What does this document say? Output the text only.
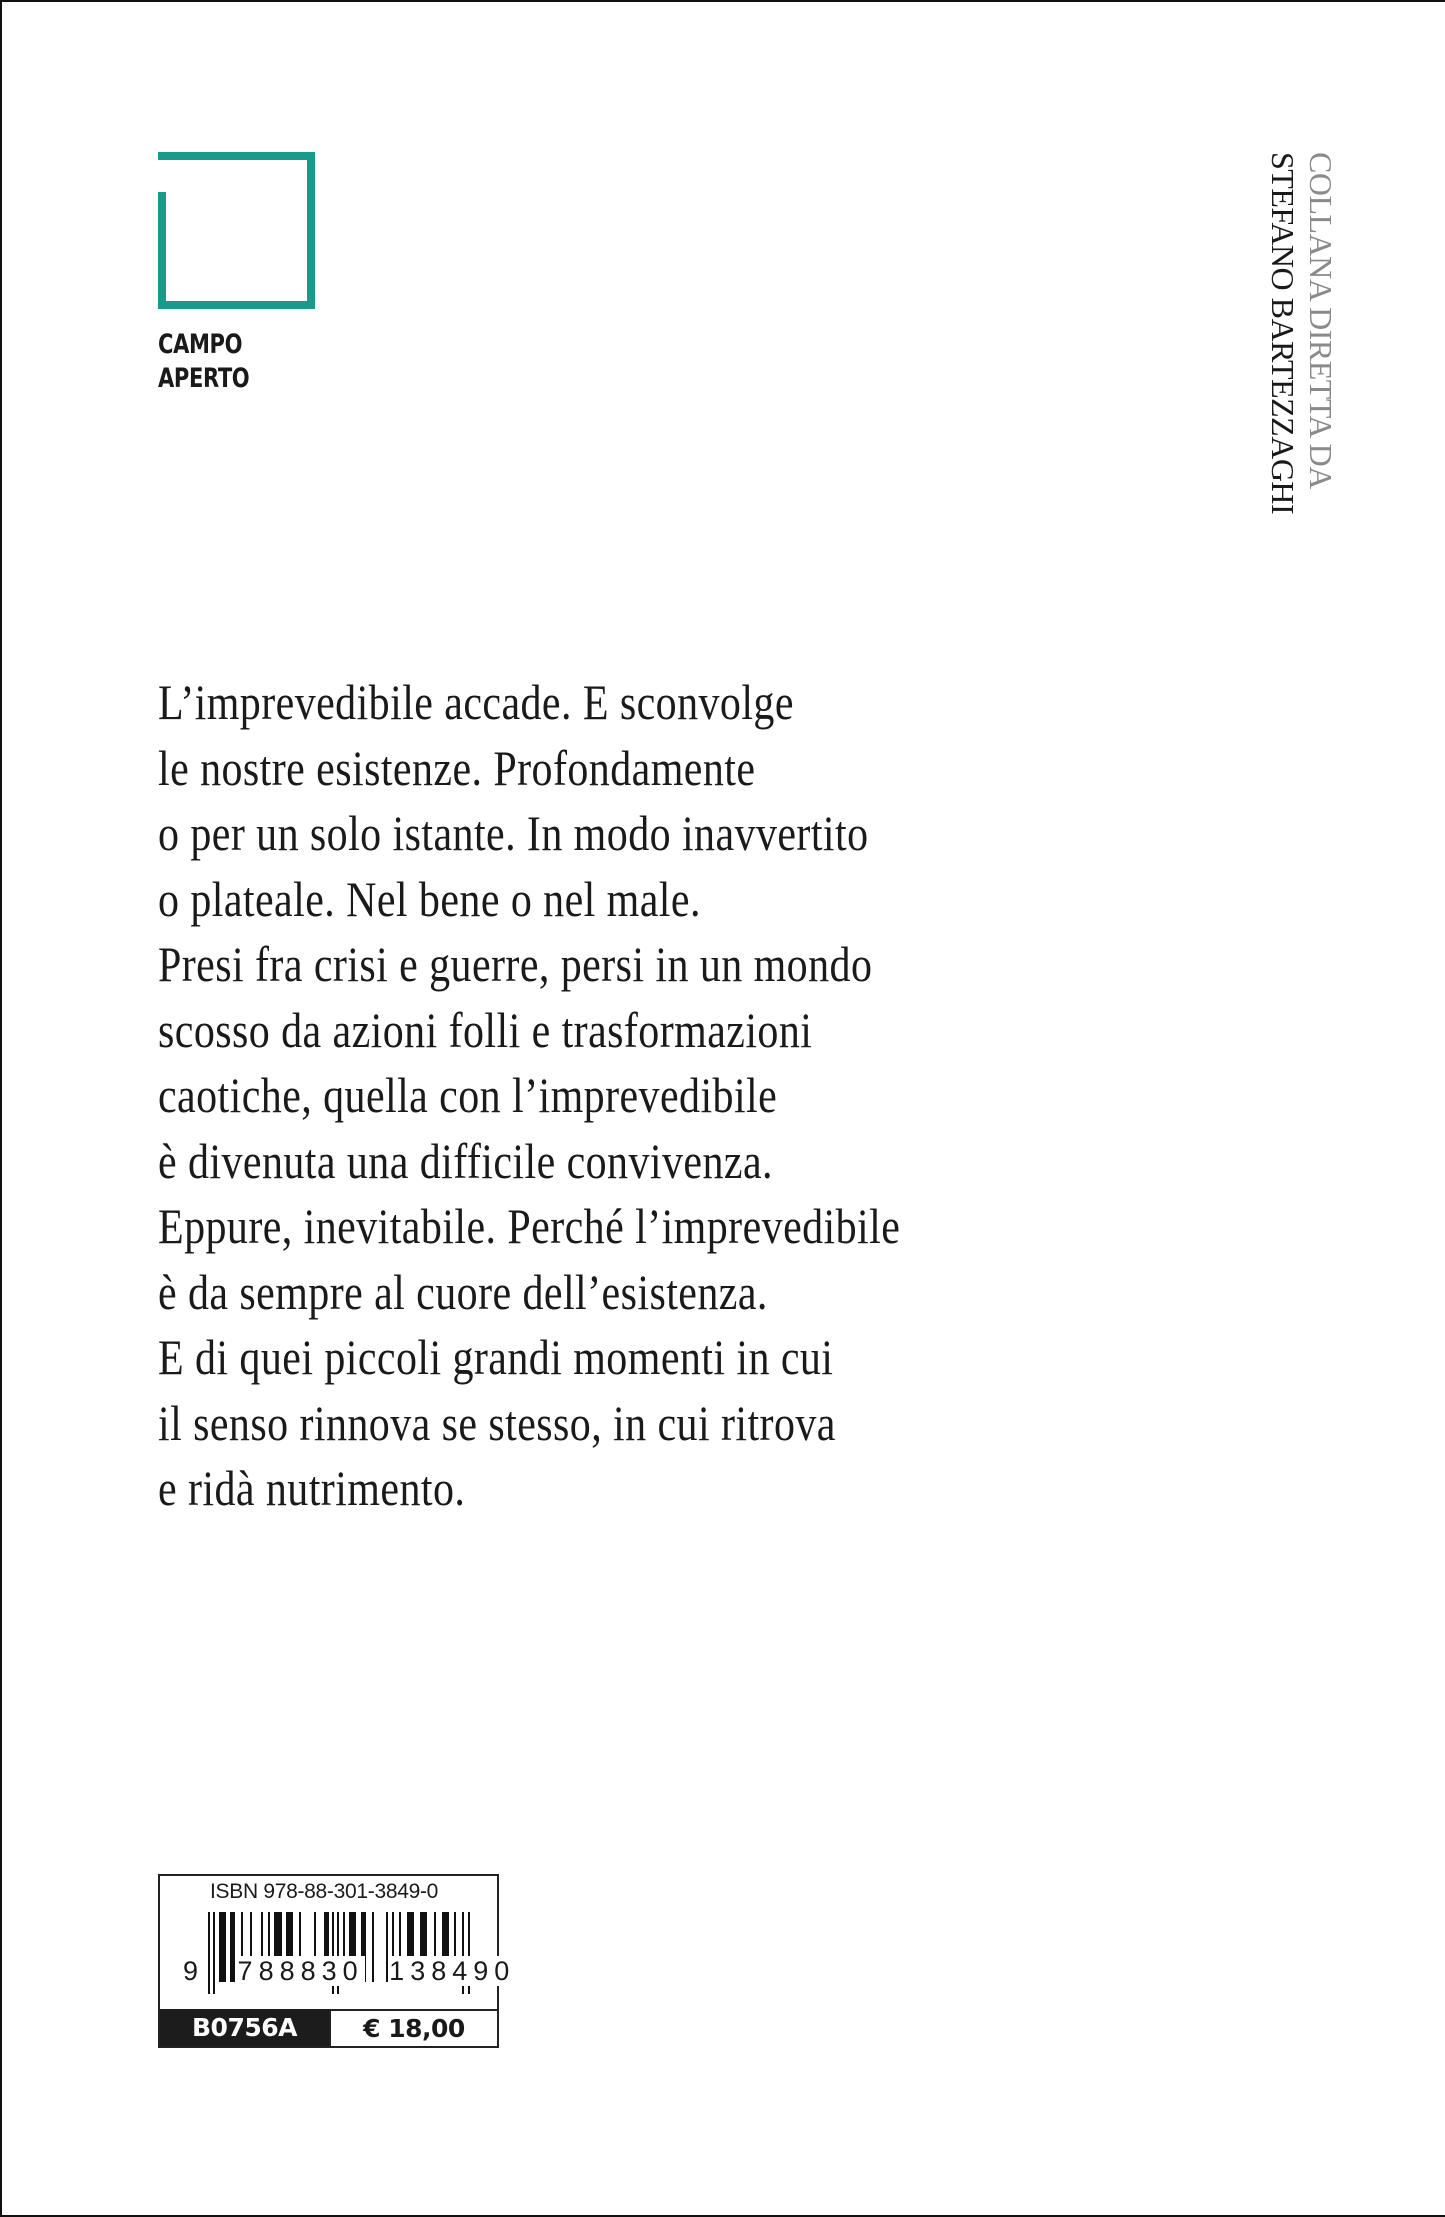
CAMPO
APERTO	COLLANA DIRETTA DA
STEFANO BARTEZZAGHI
L’imprevedibile accade. E sconvolge
le nostre esistenze. Profondamente
o per un solo istante. In modo inavvertito
o plateale. Nel bene o nel male.
Presi fra crisi e guerre, persi in un mondo
scosso da azioni folli e trasformazioni
caotiche, quella con l’imprevedibile
è divenuta una difficile convivenza.
Eppure, inevitabile. Perché l’imprevedibile
è da sempre al cuore dell’esistenza.
E di quei piccoli grandi momenti in cui
il senso rinnova se stesso, in cui ritrova
e ridà nutrimento.
ISBN 978-88-301-3849-0
9 788830 138490
B0756A	€ 18,00
